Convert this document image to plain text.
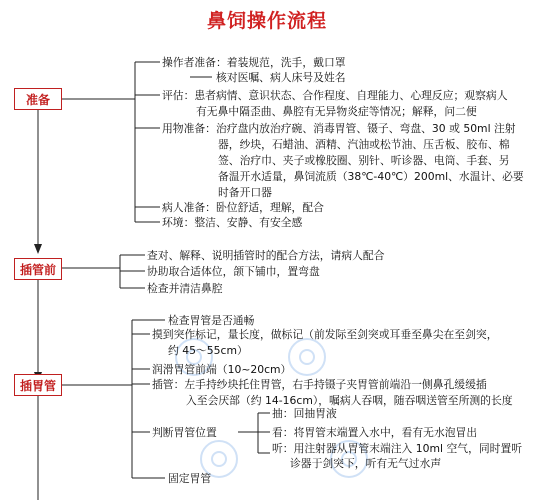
鼻饲操作流程
准备
插管前
插胃管
操作者准备：着装规范，洗手，戴口罩
核对医嘱、病人床号及姓名
评估：患者病情、意识状态、合作程度、自理能力、心理反应；观察病人
有无鼻中隔歪曲、鼻腔有无异物炎症等情况；解释，问二便
用物准备：治疗盘内放治疗碗、消毒胃管、镊子、弯盘、30 或 50ml 注射
器，纱块，石蜡油、酒精、汽油或松节油、压舌板、胶布、棉
签、治疗巾、夹子或橡胶圈、别针、听诊器、电筒、手套、另
备温开水适量，鼻饲流质（38℃-40℃）200ml、水温计、必要
时备开口器
病人准备：卧位舒适，理解，配合
环境：整洁、安静、有安全感
查对、解释、说明插管时的配合方法，请病人配合
协助取合适体位，颌下铺巾，置弯盘
检查并清洁鼻腔
检查胃管是否通畅
摸到突作标记，量长度，做标记（前发际至剑突或耳垂至鼻尖在至剑突，
约 45～55cm）
润滑胃管前端（10~20cm）
插管：左手持纱块托住胃管，右手持镊子夹胃管前端沿一侧鼻孔缓缓插
入至会厌部（约 14-16cm），嘱病人吞咽，随吞咽送管至所测的长度
判断胃管位置
抽：回抽胃液
看：将胃管末端置入水中，看有无水泡冒出
听：用注射器从胃管末端注入 10ml 空气，同时置听
诊器于剑突下，听有无气过水声
固定胃管
